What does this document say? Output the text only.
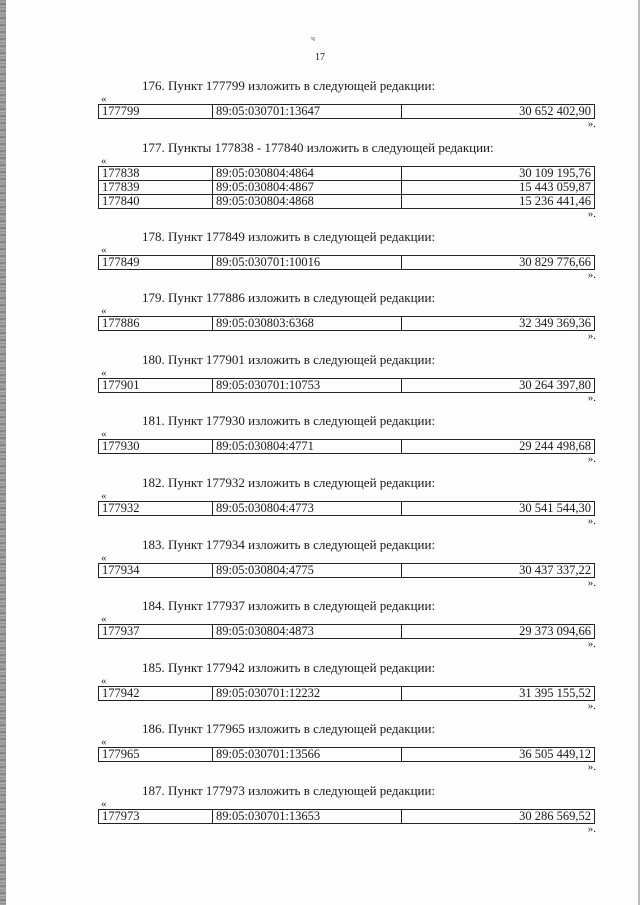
ч
17
176. Пункт 177799 изложить в следующей редакции:
«
177799	89:05:030701:13647	30 652 402,90
».
177. Пункты 177838 - 177840 изложить в следующей редакции:
«
177838	89:05:030804:4864	30 109 195,76
177839	89:05:030804:4867	15 443 059,87
177840	89:05:030804:4868	15 236 441,46
».
178. Пункт 177849 изложить в следующей редакции:
«
177849	89:05:030701:10016	30 829 776,66
».
179. Пункт 177886 изложить в следующей редакции:
«
177886	89:05:030803:6368	32 349 369,36
».
180. Пункт 177901 изложить в следующей редакции:
«
177901	89:05:030701:10753	30 264 397,80
».
181. Пункт 177930 изложить в следующей редакции:
«
177930	89:05:030804:4771	29 244 498,68
».
182. Пункт 177932 изложить в следующей редакции:
«
177932	89:05:030804:4773	30 541 544,30
».
183. Пункт 177934 изложить в следующей редакции:
«
177934	89:05:030804:4775	30 437 337,22
».
184. Пункт 177937 изложить в следующей редакции:
«
177937	89:05:030804:4873	29 373 094,66
».
185. Пункт 177942 изложить в следующей редакции:
«
177942	89:05:030701:12232	31 395 155,52
».
186. Пункт 177965 изложить в следующей редакции:
«
177965	89:05:030701:13566	36 505 449,12
».
187. Пункт 177973 изложить в следующей редакции:
«
177973	89:05:030701:13653	30 286 569,52
».
